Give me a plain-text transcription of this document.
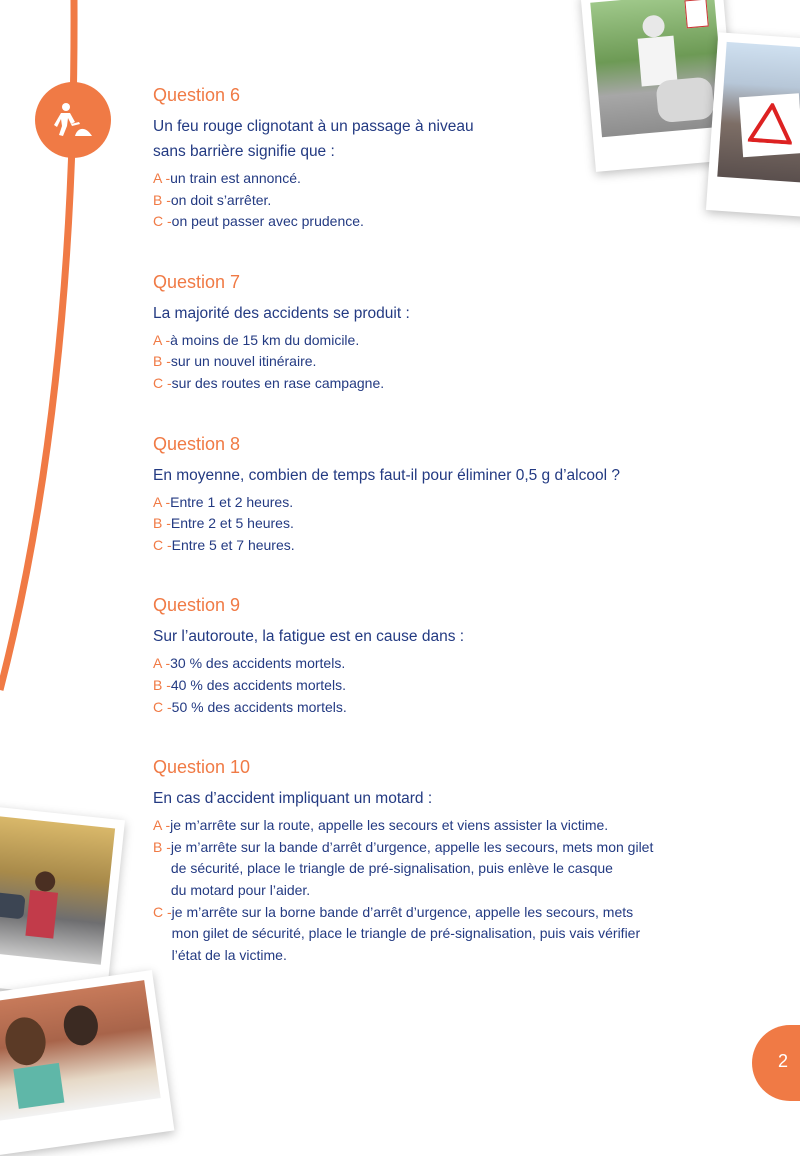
Question 6
Un feu rouge clignotant à un passage à niveau
sans barrière signifie que :
A - un train est annoncé.
B - on doit s’arrêter.
C - on peut passer avec prudence.
Question 7
La majorité des accidents se produit :
A - à moins de 15 km du domicile.
B - sur un nouvel itinéraire.
C - sur des routes en rase campagne.
Question 8
En moyenne, combien de temps faut-il pour éliminer 0,5 g d’alcool ?
A - Entre 1 et 2 heures.
B - Entre 2 et 5 heures.
C - Entre 5 et 7 heures.
Question 9
Sur l’autoroute, la fatigue est en cause dans :
A - 30 % des accidents mortels.
B - 40 % des accidents mortels.
C - 50 % des accidents mortels.
Question 10
En cas d’accident impliquant un motard :
A - je m’arrête sur la route, appelle les secours et viens assister la victime.
B - je m’arrête sur la bande d’arrêt d’urgence, appelle les secours, mets mon gilet
de sécurité, place le triangle de pré-signalisation, puis enlève le casque
du motard pour l’aider.
C - je m’arrête sur la borne bande d’arrêt d’urgence, appelle les secours, mets
mon gilet de sécurité, place le triangle de pré-signalisation, puis vais vérifier
l’état de la victime.
2
